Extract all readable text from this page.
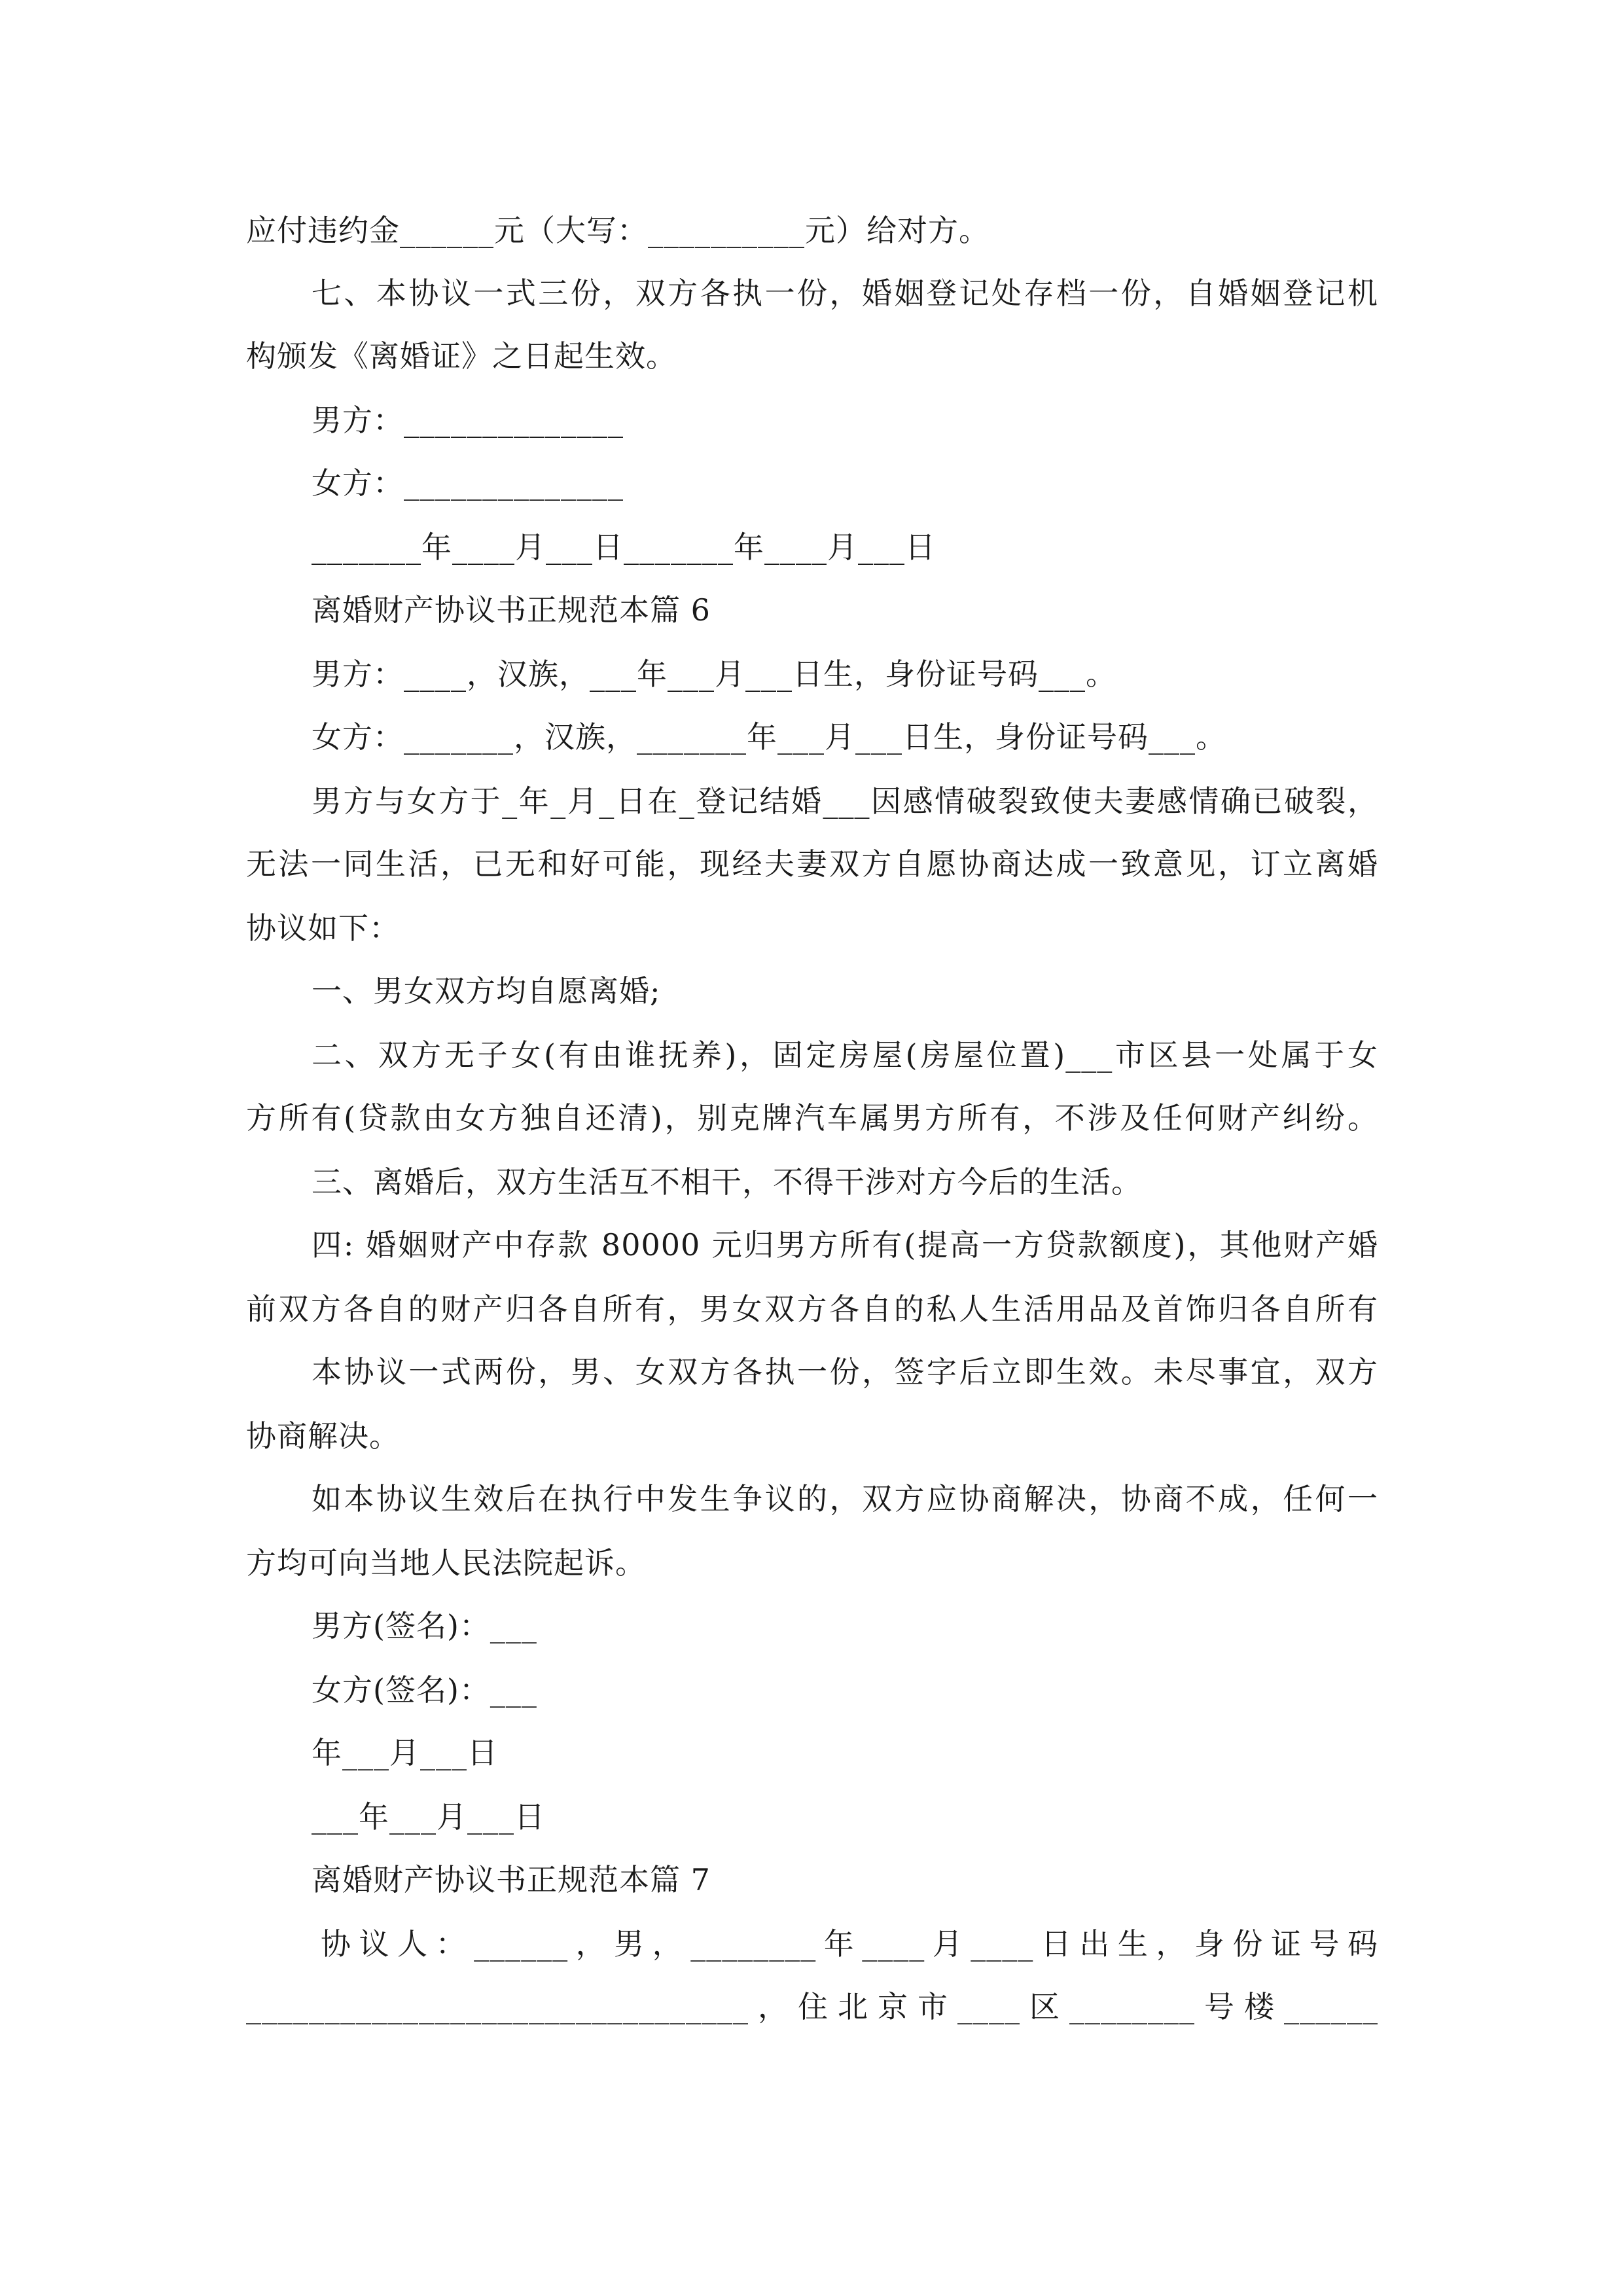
应付违约金______元（大写：__________元）给对方。
七、本协议一式三份，双方各执一份，婚姻登记处存档一份，自婚姻登记机
构颁发《离婚证》之日起生效。
男方：______________
女方：______________
_______年____月___日_______年____月___日
离婚财产协议书正规范本篇 6
男方：____，汉族，___年___月___日生，身份证号码___。
女方：_______，汉族，_______年___月___日生，身份证号码___。
男方与女方于_年_月_日在_登记结婚___因感情破裂致使夫妻感情确已破裂，
无法一同生活，已无和好可能，现经夫妻双方自愿协商达成一致意见，订立离婚
协议如下：
一、男女双方均自愿离婚;
二、双方无子女(有由谁抚养)，固定房屋(房屋位置)___市区县一处属于女
方所有(贷款由女方独自还清)，别克牌汽车属男方所有，不涉及任何财产纠纷。
三、离婚后，双方生活互不相干，不得干涉对方今后的生活。
四: 婚姻财产中存款 80000 元归男方所有(提高一方贷款额度)，其他财产婚
前双方各自的财产归各自所有，男女双方各自的私人生活用品及首饰归各自所有
本协议一式两份，男、女双方各执一份，签字后立即生效。未尽事宜，双方
协商解决。
如本协议生效后在执行中发生争议的，双方应协商解决，协商不成，任何一
方均可向当地人民法院起诉。
男方(签名)：___
女方(签名)：___
年___月___日
___年___月___日
离婚财产协议书正规范本篇 7
协议人：______，男，________年____月____日出生，身份证号码
________________________________，住北京市____区________号楼______
